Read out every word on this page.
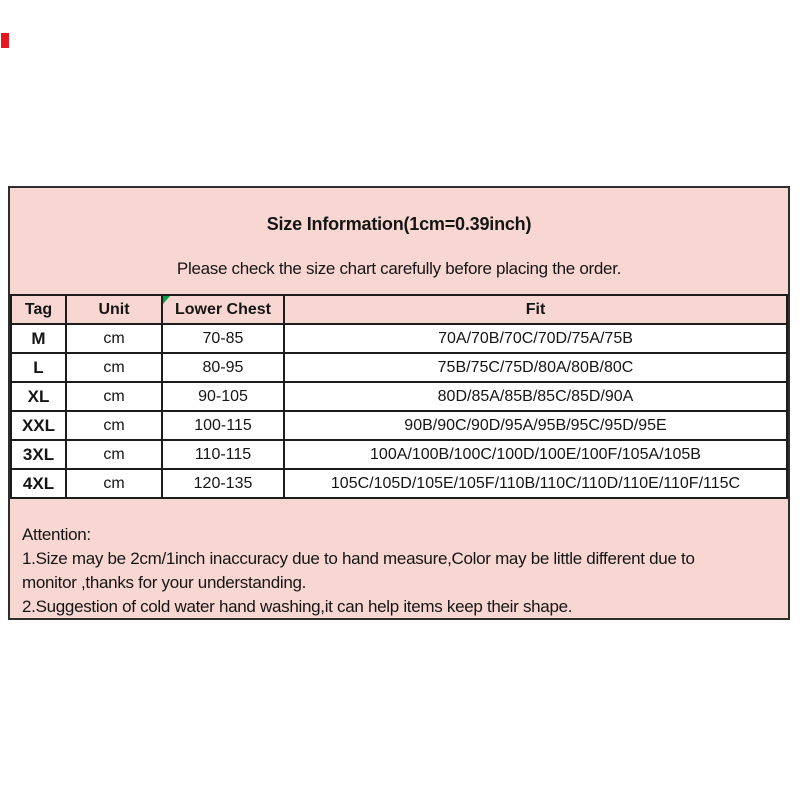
Size Information(1cm=0.39inch)
Please check the size chart carefully before placing the order.
Tag	Unit	Lower Chest	Fit
M	cm	70-85	70A/70B/70C/70D/75A/75B
L	cm	80-95	75B/75C/75D/80A/80B/80C
XL	cm	90-105	80D/85A/85B/85C/85D/90A
XXL	cm	100-115	90B/90C/90D/95A/95B/95C/95D/95E
3XL	cm	110-115	100A/100B/100C/100D/100E/100F/105A/105B
4XL	cm	120-135	105C/105D/105E/105F/110B/110C/110D/110E/110F/115C
Attention:
1.Size may be 2cm/1inch inaccuracy due to hand measure,Color may be little different due to
monitor ,thanks for your understanding.
2.Suggestion of cold water hand washing,it can help items keep their shape.
